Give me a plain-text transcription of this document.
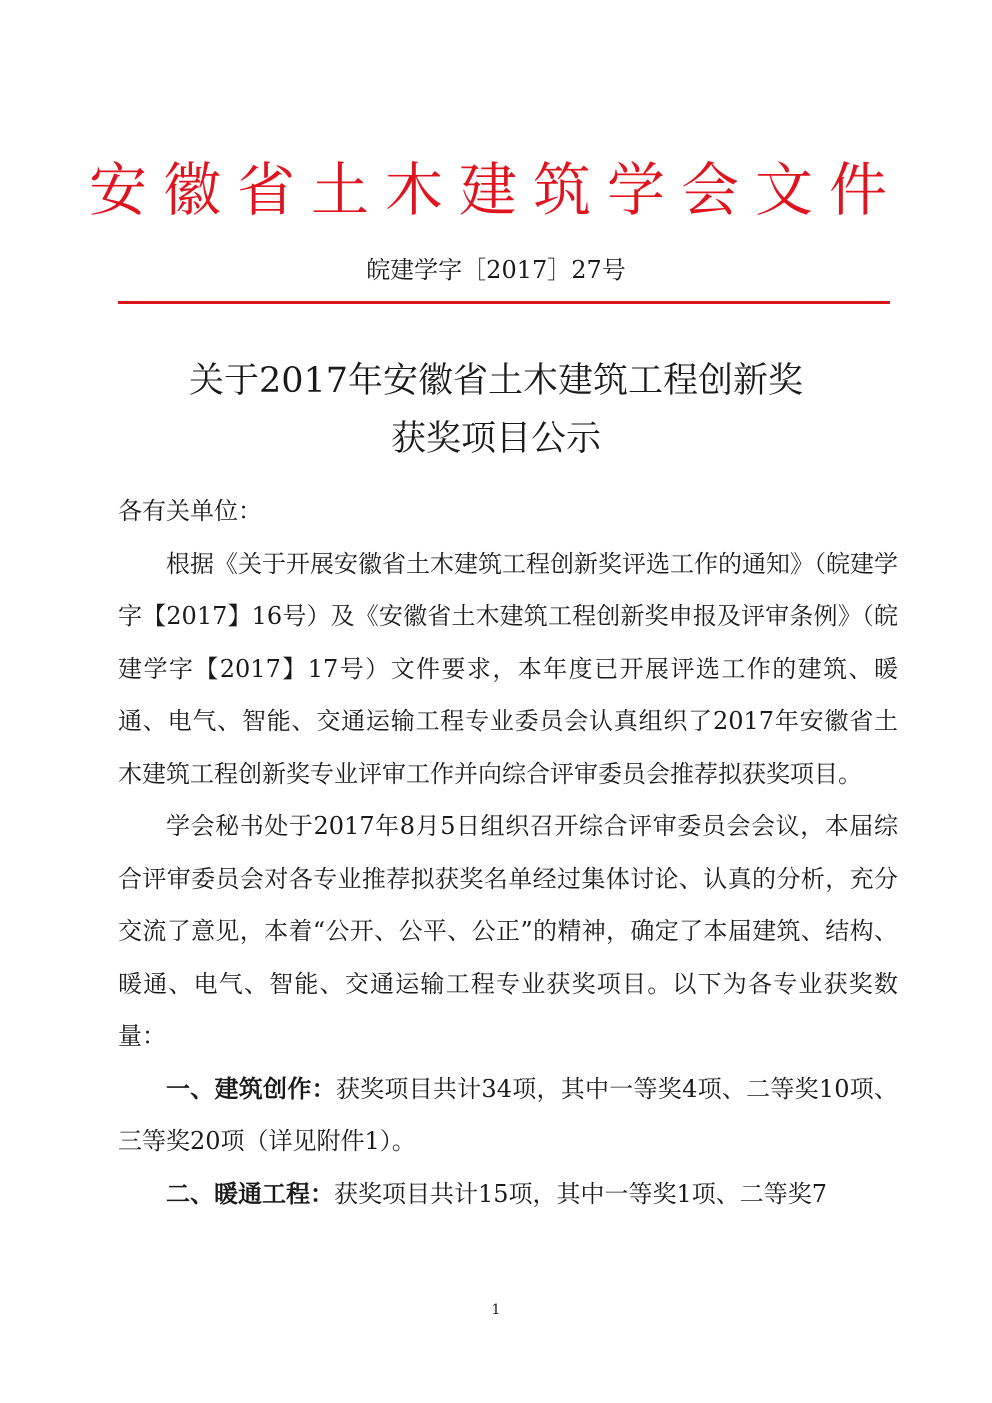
安徽省土木建筑学会文件
皖建学字［2017］27号
关于2017年安徽省土木建筑工程创新奖
获奖项目公示

各有关单位：

根据《关于开展安徽省土木建筑工程创新奖评选工作的通知》（皖建学字【2017】16号）及《安徽省土木建筑工程创新奖申报及评审条例》（皖建学字【2017】17号）文件要求，本年度已开展评选工作的建筑、暖通、电气、智能、交通运输工程专业委员会认真组织了2017年安徽省土木建筑工程创新奖专业评审工作并向综合评审委员会推荐拟获奖项目。

学会秘书处于2017年8月5日组织召开综合评审委员会会议，本届综合评审委员会对各专业推荐拟获奖名单经过集体讨论、认真的分析，充分交流了意见，本着“公开、公平、公正”的精神，确定了本届建筑、结构、暖通、电气、智能、交通运输工程专业获奖项目。以下为各专业获奖数量：

一、建筑创作：获奖项目共计34项，其中一等奖4项、二等奖10项、三等奖20项（详见附件1）。

二、暖通工程：获奖项目共计15项，其中一等奖1项、二等奖7

1
